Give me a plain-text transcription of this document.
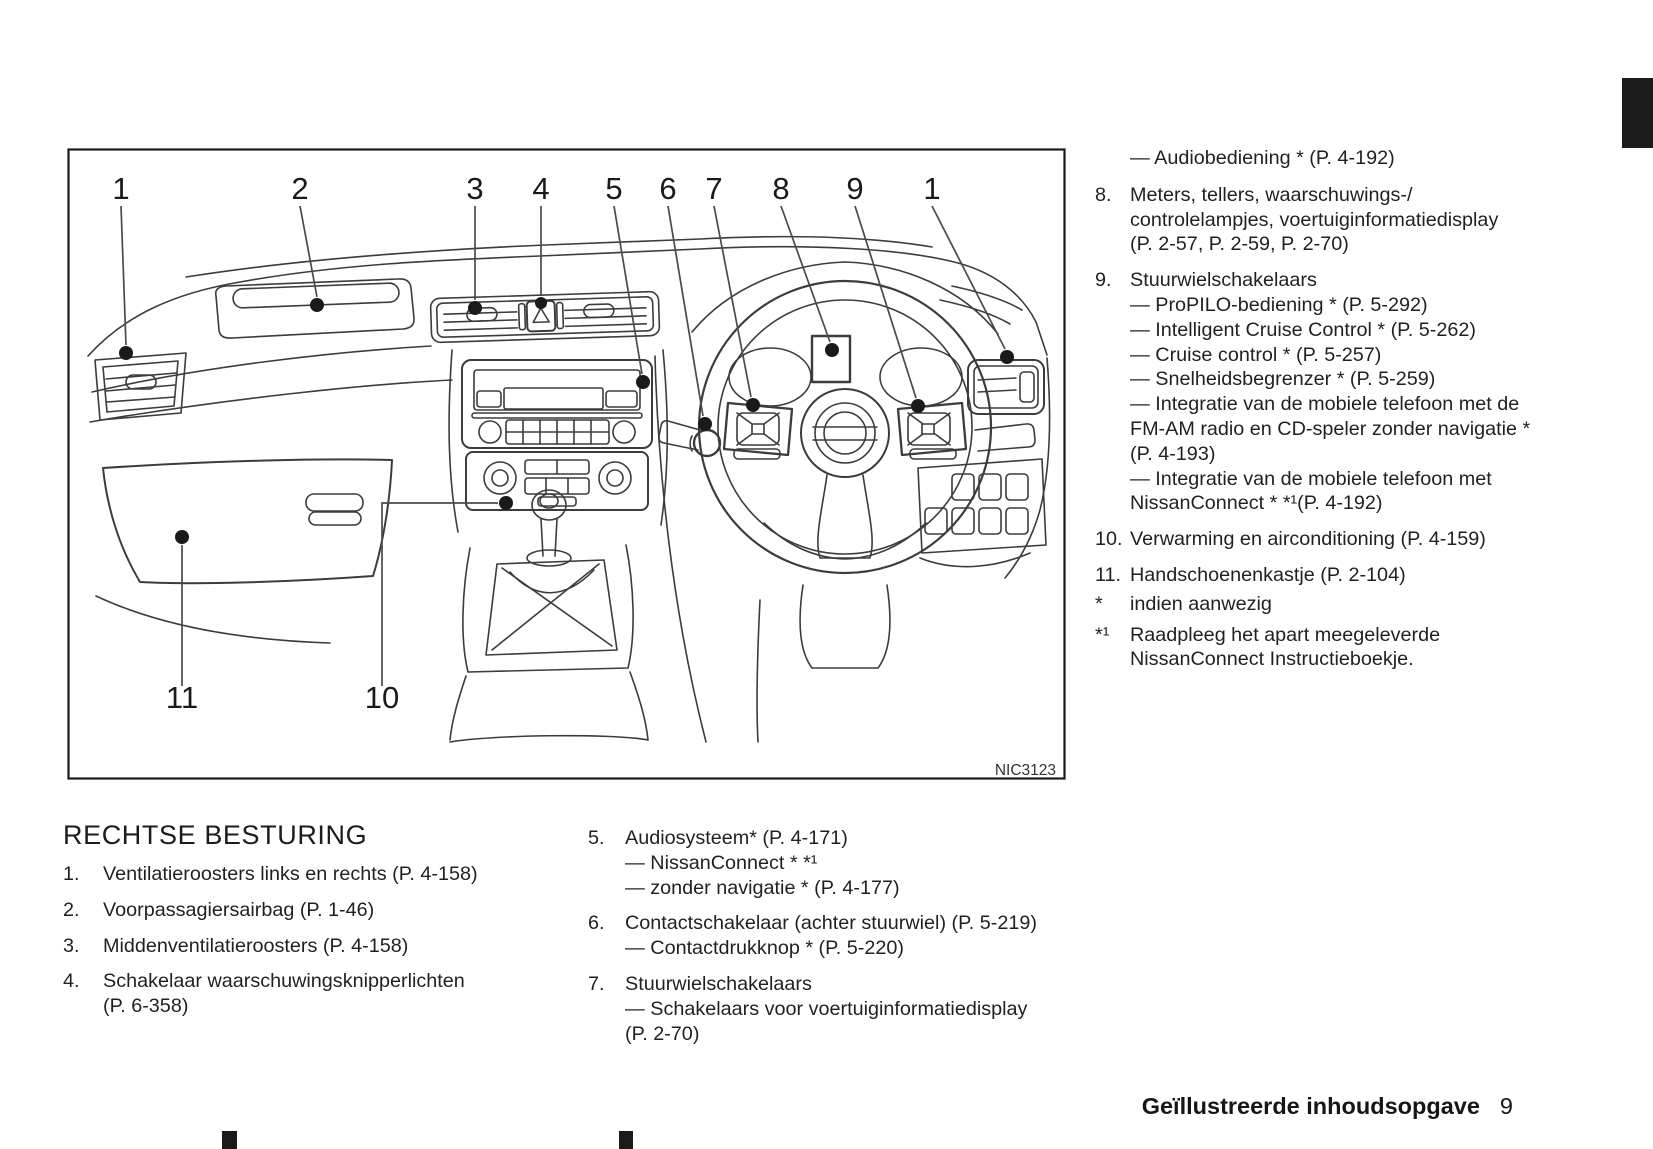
1	2	3 4 5 6 7 8 9 1
11	10
NIC3123
RECHTSE BESTURING
1.	Ventilatieroosters links en rechts (P. 4-158)
2.	Voorpassagiersairbag (P. 1-46)
3.	Middenventilatieroosters (P. 4-158)
4.	Schakelaar waarschuwingsknipperlichten
(P. 6-358)
5.	Audiosysteem* (P. 4-171)
— NissanConnect * *¹
— zonder navigatie * (P. 4-177)
6.	Contactschakelaar (achter stuurwiel) (P. 5-219)
— Contactdrukknop * (P. 5-220)
7.	Stuurwielschakelaars
— Schakelaars voor voertuiginformatiedisplay
(P. 2-70)
— Audiobediening * (P. 4-192)
8. Meters, tellers, waarschuwings-/
controlelampjes, voertuiginformatiedisplay
(P. 2-57, P. 2-59, P. 2-70)
9. Stuurwielschakelaars
— ProPILO-bediening * (P. 5-292)
— Intelligent Cruise Control * (P. 5-262)
— Cruise control * (P. 5-257)
— Snelheidsbegrenzer * (P. 5-259)
— Integratie van de mobiele telefoon met de
FM-AM radio en CD-speler zonder navigatie *
(P. 4-193)
— Integratie van de mobiele telefoon met
NissanConnect * *¹(P. 4-192)
10. Verwarming en airconditioning (P. 4-159)
11. Handschoenenkastje (P. 2-104)
*	indien aanwezig
*¹	Raadpleeg het apart meegeleverde
NissanConnect Instructieboekje.
Geïllustreerde inhoudsopgave 9
